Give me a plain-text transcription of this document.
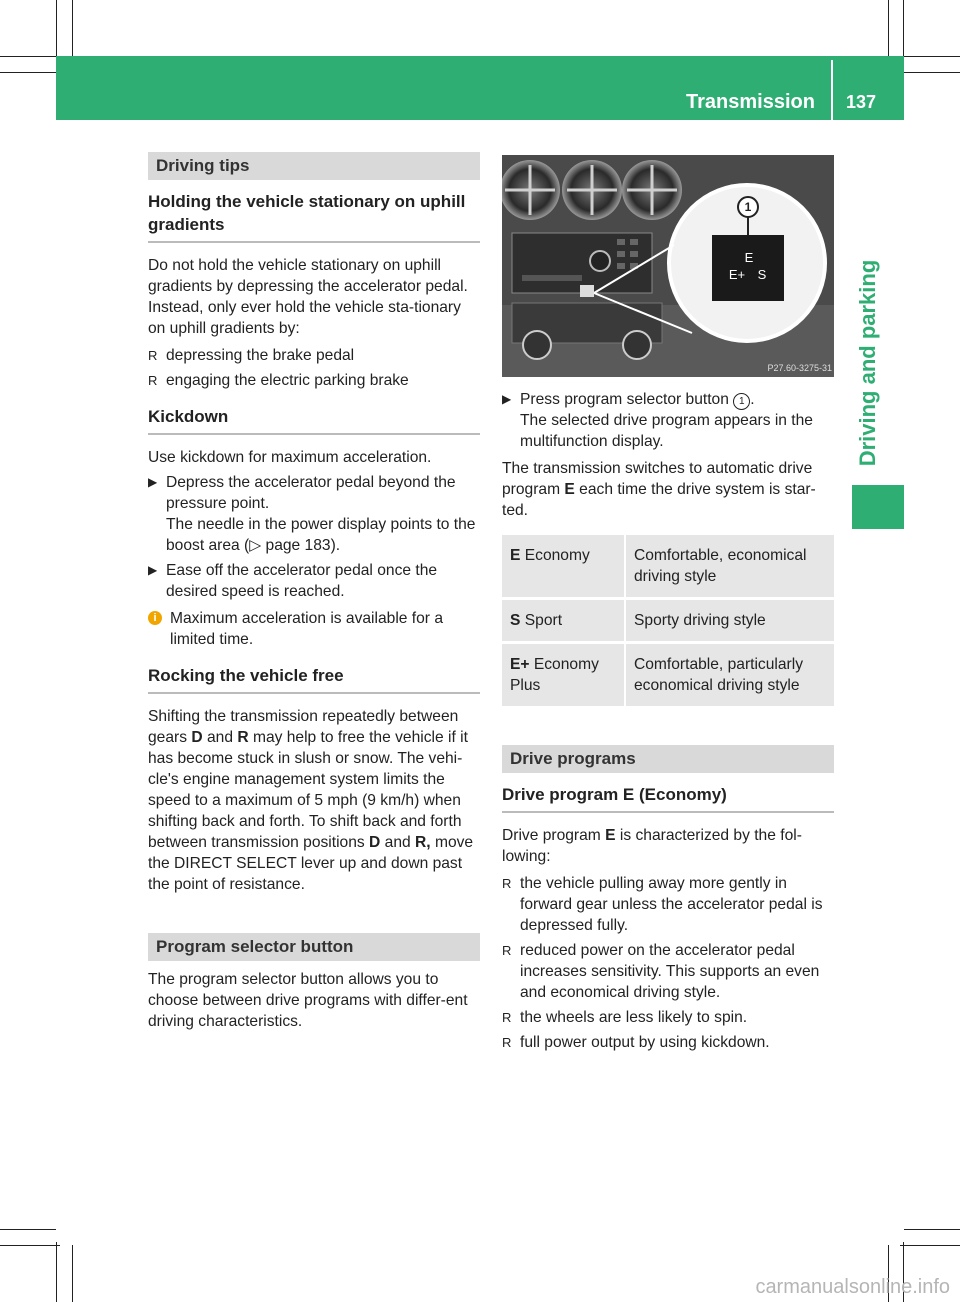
Transmission 137
Driving and parking
Driving tips
Holding the vehicle stationary on uphill gradients

Do not hold the vehicle stationary on uphill gradients by depressing the accelerator pedal. Instead, only ever hold the vehicle sta-tionary on uphill gradients by:

R depressing the brake pedal
R engaging the electric parking brake
Kickdown

Use kickdown for maximum acceleration.

▶ Depress the accelerator pedal beyond the pressure point.
The needle in the power display points to the boost area (▷ page 183).
▶ Ease off the accelerator pedal once the desired speed is reached.
i Maximum acceleration is available for a limited time.
Rocking the vehicle free

Shifting the transmission repeatedly between gears D and R may help to free the vehicle if it has become stuck in slush or snow. The vehi-cle's engine management system limits the speed to a maximum of 5 mph (9 km/h) when shifting back and forth. To shift back and forth between transmission positions D and R, move the DIRECT SELECT lever up and down past the point of resistance.

Program selector button

The program selector button allows you to choose between drive programs with differ-ent driving characteristics.

1
E
E+ S
P27.60-3275-31
▶ Press program selector button 1 .
The selected drive program appears in the multifunction display.

The transmission switches to automatic drive program E each time the drive system is star-ted.

E Economy	Comfortable, economical driving style
S Sport	Sporty driving style
E+ Economy Plus	Comfortable, particularly economical driving style
Drive programs
Drive program E (Economy)

Drive program E is characterized by the fol-lowing:

R the vehicle pulling away more gently in forward gear unless the accelerator pedal is depressed fully.
R reduced power on the accelerator pedal increases sensitivity. This supports an even and economical driving style.
R the wheels are less likely to spin.
R full power output by using kickdown.
carmanualsonline.info
